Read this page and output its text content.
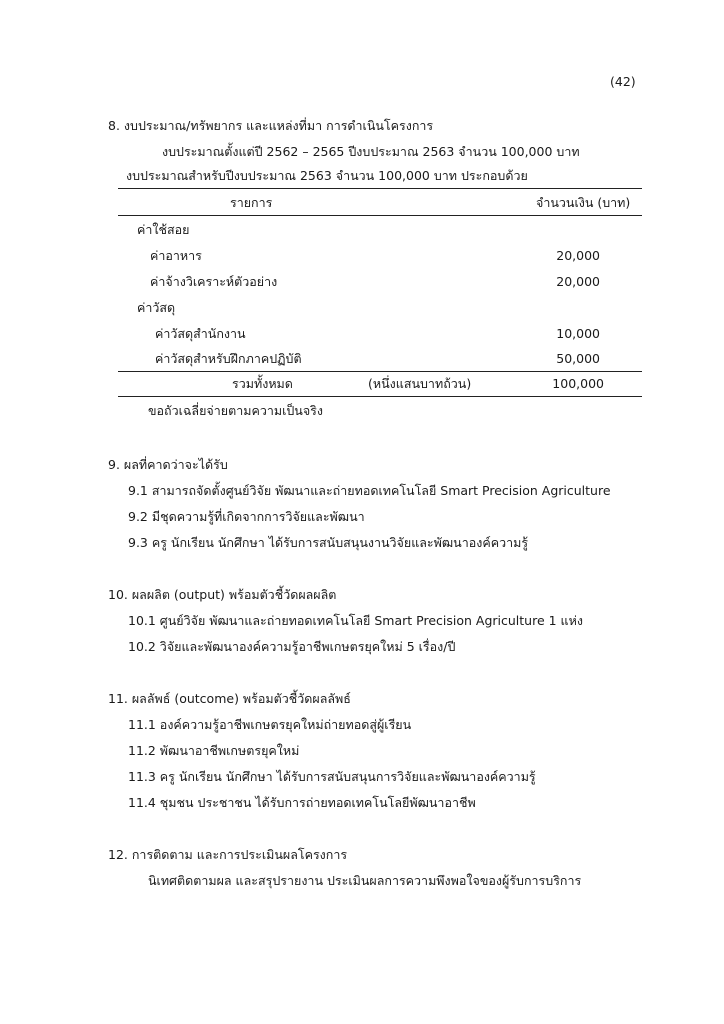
(42)
8. งบประมาณ/ทรัพยากร และแหล่งที่มา การดำเนินโครงการ
งบประมาณตั้งแต่ปี 2562 – 2565 ปีงบประมาณ 2563 จำนวน 100,000 บาท
งบประมาณสำหรับปีงบประมาณ 2563 จำนวน 100,000 บาท ประกอบด้วย
รายการ	จำนวนเงิน (บาท)
ค่าใช้สอย
ค่าอาหาร	20,000
ค่าจ้างวิเคราะห์ตัวอย่าง	20,000
ค่าวัสดุ
ค่าวัสดุสำนักงาน	10,000
ค่าวัสดุสำหรับฝึกภาคปฏิบัติ	50,000
รวมทั้งหมด	(หนึ่งแสนบาทถ้วน)	100,000
ขอถัวเฉลี่ยจ่ายตามความเป็นจริง
9. ผลที่คาดว่าจะได้รับ
9.1 สามารถจัดตั้งศูนย์วิจัย พัฒนาและถ่ายทอดเทคโนโลยี Smart Precision Agriculture
9.2 มีชุดความรู้ที่เกิดจากการวิจัยและพัฒนา
9.3 ครู นักเรียน นักศึกษา ได้รับการสนับสนุนงานวิจัยและพัฒนาองค์ความรู้
10. ผลผลิต (output) พร้อมตัวชี้วัดผลผลิต
10.1 ศูนย์วิจัย พัฒนาและถ่ายทอดเทคโนโลยี Smart Precision Agriculture 1 แห่ง
10.2 วิจัยและพัฒนาองค์ความรู้อาชีพเกษตรยุคใหม่ 5 เรื่อง/ปี
11. ผลลัพธ์ (outcome) พร้อมตัวชี้วัดผลลัพธ์
11.1 องค์ความรู้อาชีพเกษตรยุคใหม่ถ่ายทอดสู่ผู้เรียน
11.2 พัฒนาอาชีพเกษตรยุคใหม่
11.3 ครู นักเรียน นักศึกษา ได้รับการสนับสนุนการวิจัยและพัฒนาองค์ความรู้
11.4 ชุมชน ประชาชน ได้รับการถ่ายทอดเทคโนโลยีพัฒนาอาชีพ
12. การติดตาม และการประเมินผลโครงการ
นิเทศติดตามผล และสรุปรายงาน ประเมินผลการความพึงพอใจของผู้รับการบริการ
